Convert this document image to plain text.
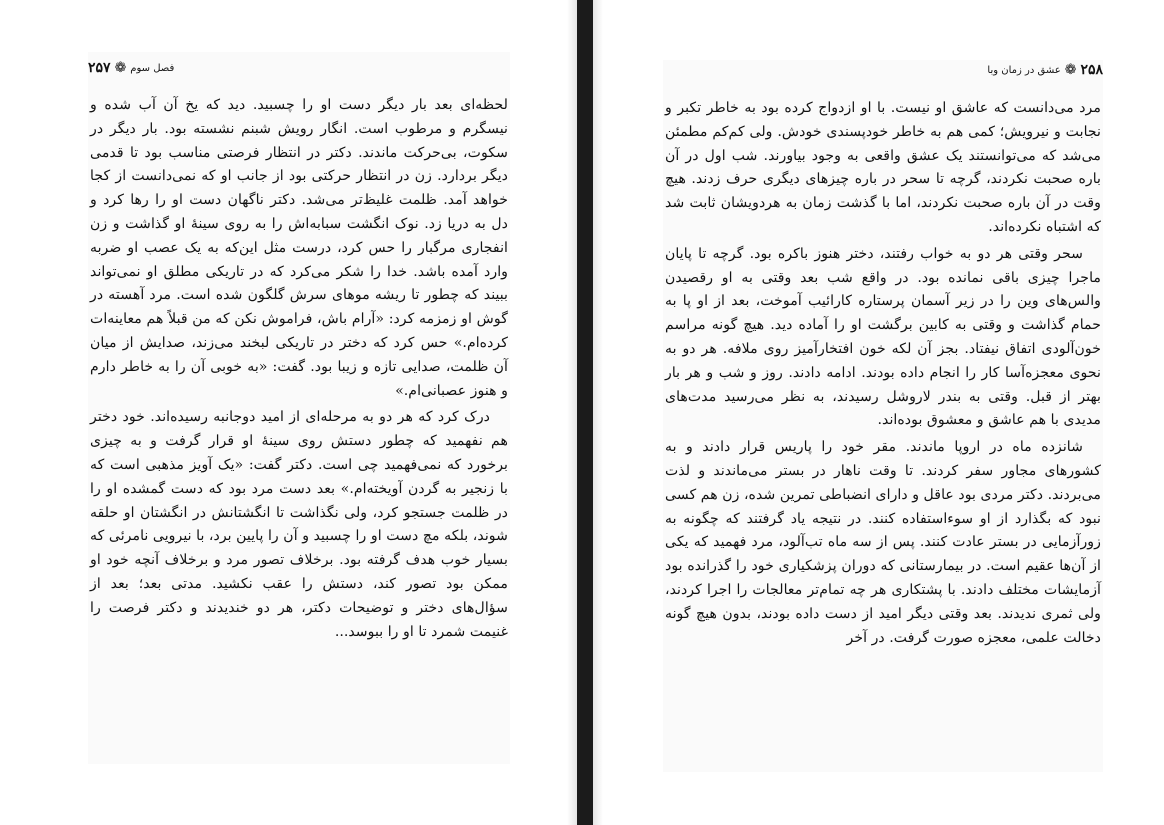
فصل سوم
❁
۲۵۷

لحظه‌ای بعد بار دیگر دست او را چسبید. دید که یخ آن آب شده و نیسگرم و مرطوب است. انگار رویش شبنم نشسته بود. بار دیگر در سکوت، بی‌حرکت ماندند. دکتر در انتظار فرصتی مناسب بود تا قدمی دیگر بردارد. زن در انتظار حرکتی بود از جانب او که نمی‌دانست از کجا خواهد آمد. ظلمت غلیظ‌تر می‌شد. دکتر ناگهان دست او را رها کرد و دل به دریا زد. نوک انگشت سبابه‌اش را به روی سینهٔ او گذاشت و زن انفجاری مرگبار را حس کرد، درست مثل این‌که به یک عصب او ضربه وارد آمده باشد. خدا را شکر می‌کرد که در تاریکی مطلق او نمی‌تواند ببیند که چطور تا ریشه موهای سرش گلگون شده است. مرد آهسته در گوش او زمزمه کرد: «آرام باش، فراموش نکن که من قبلاً هم معاینه‌ات کرده‌ام.» حس کرد که دختر در تاریکی لبخند می‌زند، صدایش از میان آن ظلمت، صدایی تازه و زیبا بود. گفت: «به خوبی آن را به خاطر دارم و هنوز عصبانی‌ام.»

درک کرد که هر دو به مرحله‌ای از امید دوجانبه رسیده‌اند. خود دختر هم نفهمید که چطور دستش روی سینهٔ او قرار گرفت و به چیزی برخورد که نمی‌فهمید چی است. دکتر گفت: «یک آویز مذهبی است که با زنجیر به گردن آویخته‌ام.» بعد دست مرد بود که دست گمشده او را در ظلمت جستجو کرد، ولی نگذاشت تا انگشتانش در انگشتان او حلقه شوند، بلکه مچ دست او را چسبید و آن را پایین برد، با نیرویی نامرئی که بسیار خوب هدف گرفته بود. برخلاف تصور مرد و برخلاف آنچه خود او ممکن بود تصور کند، دستش را عقب نکشید. مدتی بعد؛ بعد از سؤال‌های دختر و توضیحات دکتر، هر دو خندیدند و دکتر فرصت را غنیمت شمرد تا او را ببوسد...

۲۵۸
❁
عشق در زمان وبا

مرد می‌دانست که عاشق او نیست. با او ازدواج کرده بود به خاطر تکبر و نجابت و نیرویش؛ کمی هم به خاطر خودپسندی خودش. ولی کم‌کم مطمئن می‌شد که می‌توانستند یک عشق واقعی به وجود بیاورند. شب اول در آن باره صحبت نکردند، گرچه تا سحر در باره چیزهای دیگری حرف زدند. هیچ وقت در آن باره صحبت نکردند، اما با گذشت زمان به هردویشان ثابت شد که اشتباه نکرده‌اند.

سحر وقتی هر دو به خواب رفتند، دختر هنوز باکره بود. گرچه تا پایان ماجرا چیزی باقی نمانده بود. در واقع شب بعد وقتی به او رقصیدن والس‌های وین را در زیر آسمان پرستاره کارائیب آموخت، بعد از او پا به حمام گذاشت و وقتی به کابین برگشت او را آماده دید. هیچ گونه مراسم خون‌آلودی اتفاق نیفتاد. بجز آن لکه خون افتخارآمیز روی ملافه. هر دو به نحوی معجزه‌آسا کار را انجام داده بودند. ادامه دادند. روز و شب و هر بار بهتر از قبل. وقتی به بندر لاروشل رسیدند، به نظر می‌رسید مدت‌های مدیدی با هم عاشق و معشوق بوده‌اند.

شانزده ماه در اروپا ماندند. مقر خود را پاریس قرار دادند و به کشورهای مجاور سفر کردند. تا وقت ناهار در بستر می‌ماندند و لذت می‌بردند. دکتر مردی بود عاقل و دارای انضباطی تمرین شده، زن هم کسی نبود که بگذارد از او سوءاستفاده کنند. در نتیجه یاد گرفتند که چگونه به زورآزمایی در بستر عادت کنند. پس از سه ماه تب‌آلود، مرد فهمید که یکی از آن‌ها عقیم است. در بیمارستانی که دوران پزشکیاری خود را گذرانده بود آزمایشات مختلف دادند. با پشتکاری هر چه تمام‌تر معالجات را اجرا کردند، ولی ثمری ندیدند. بعد وقتی دیگر امید از دست داده بودند، بدون هیچ گونه دخالت علمی، معجزه صورت گرفت. در آخر
